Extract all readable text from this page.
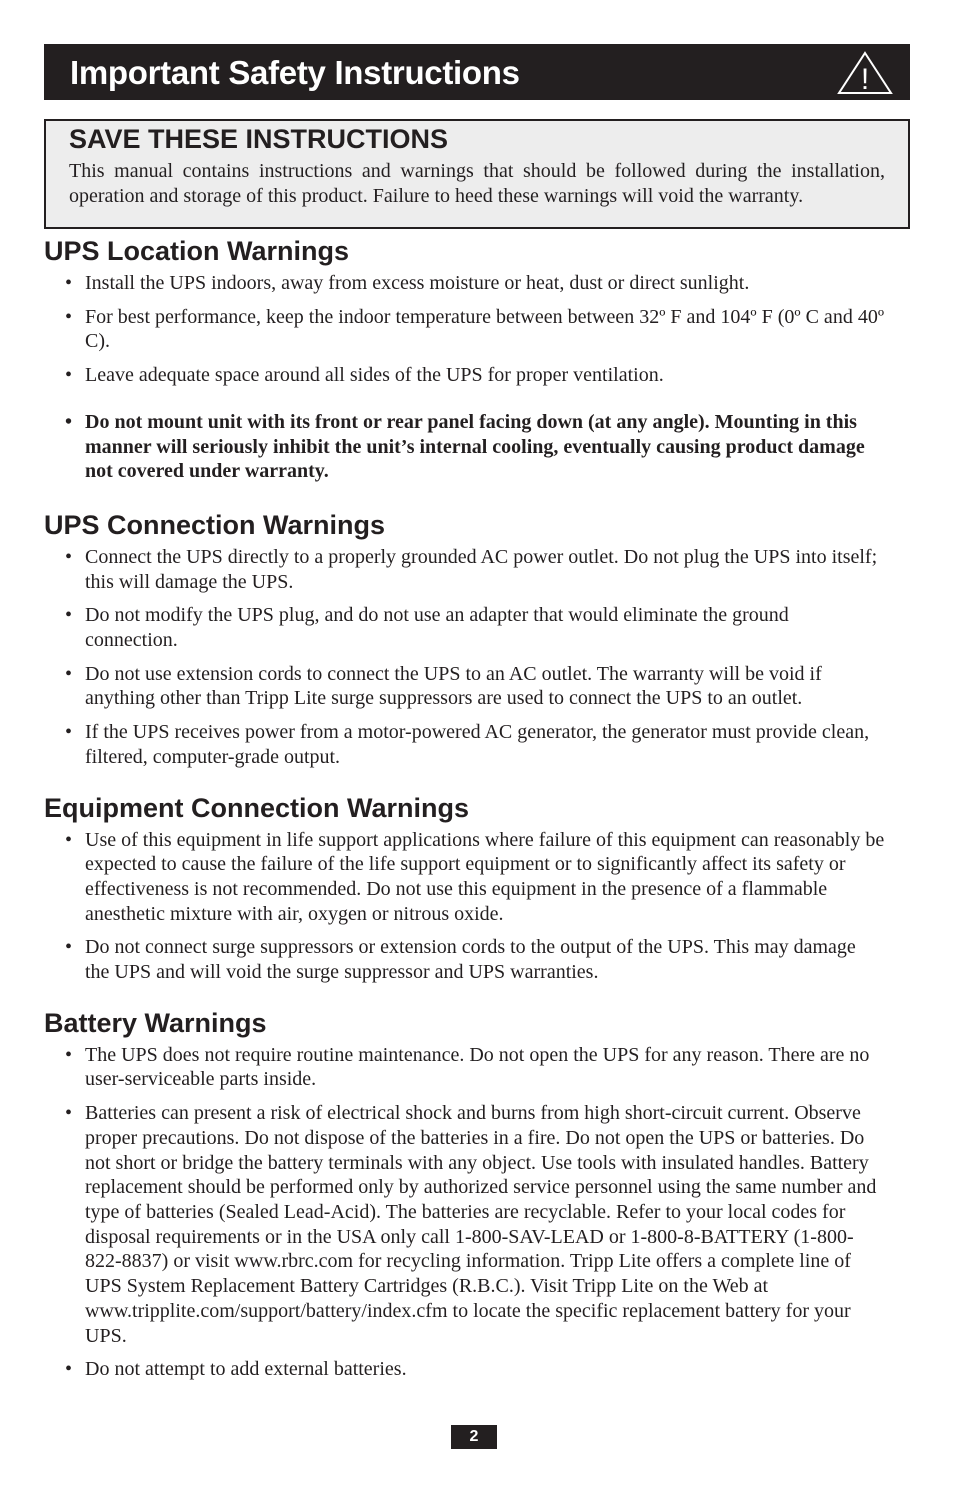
Important Safety Instructions	!
SAVE THESE INSTRUCTIONS

This manual contains instructions and warnings that should be followed during the installation, operation and storage of this product. Failure to heed these warnings will void the warranty.

UPS Location Warnings
• Install the UPS indoors, away from excess moisture or heat, dust or direct sunlight.
• For best performance, keep the indoor temperature between between 32º F and 104º F (0º C and 40º C).
• Leave adequate space around all sides of the UPS for proper ventilation.
• Do not mount unit with its front or rear panel facing down (at any angle). Mounting in this manner will seriously inhibit the unit’s internal cooling, eventually causing product damage not covered under warranty.
UPS Connection Warnings
• Connect the UPS directly to a properly grounded AC power outlet. Do not plug the UPS into itself; this will damage the UPS.
• Do not modify the UPS plug, and do not use an adapter that would eliminate the ground connection.
• Do not use extension cords to connect the UPS to an AC outlet. The warranty will be void if anything other than Tripp Lite surge suppressors are used to connect the UPS to an outlet.
• If the UPS receives power from a motor-powered AC generator, the generator must provide clean, filtered, computer-grade output.
Equipment Connection Warnings
• Use of this equipment in life support applications where failure of this equipment can reasonably be expected to cause the failure of the life support equipment or to significantly affect its safety or effectiveness is not recommended. Do not use this equipment in the presence of a flammable anesthetic mixture with air, oxygen or nitrous oxide.
• Do not connect surge suppressors or extension cords to the output of the UPS. This may damage the UPS and will void the surge suppressor and UPS warranties.
Battery Warnings
• The UPS does not require routine maintenance. Do not open the UPS for any reason. There are no user-serviceable parts inside.
• Batteries can present a risk of electrical shock and burns from high short-circuit current. Observe proper precautions. Do not dispose of the batteries in a fire. Do not open the UPS or batteries. Do not short or bridge the battery terminals with any object. Use tools with insulated handles. Battery replacement should be performed only by authorized service personnel using the same number and type of batteries (Sealed Lead-Acid). The batteries are recyclable. Refer to your local codes for disposal requirements or in the USA only call 1-800-SAV-LEAD or 1-800-8-BATTERY (1-800-822-8837) or visit www.rbrc.com for recycling information. Tripp Lite offers a complete line of UPS System Replacement Battery Cartridges (R.B.C.). Visit Tripp Lite on the Web at www.tripplite.com/support/battery/index.cfm to locate the specific replacement battery for your UPS.
• Do not attempt to add external batteries.
2
